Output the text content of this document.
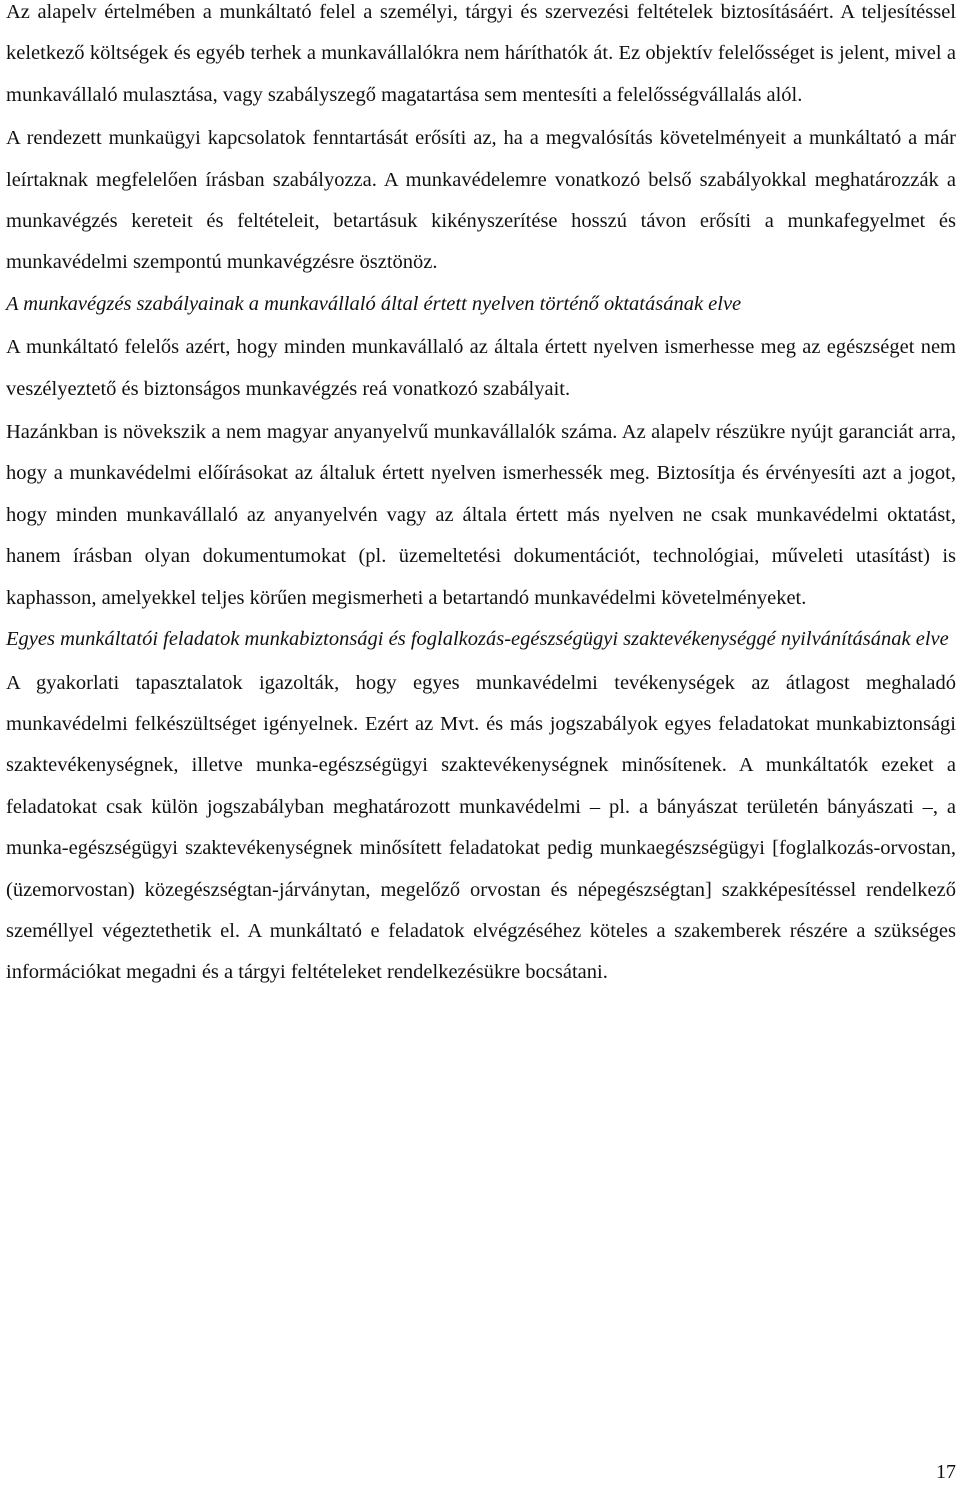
Az alapelv értelmében a munkáltató felel a személyi, tárgyi és szervezési feltételek biztosításáért. A teljesítéssel keletkező költségek és egyéb terhek a munkavállalókra nem háríthatók át. Ez objektív felelősséget is jelent, mivel a munkavállaló mulasztása, vagy szabályszegő magatartása sem mentesíti a felelősségvállalás alól.

A rendezett munkaügyi kapcsolatok fenntartását erősíti az, ha a megvalósítás követelményeit a munkáltató a már leírtaknak megfelelően írásban szabályozza. A munkavédelemre vonatkozó belső szabályokkal meghatározzák a munkavégzés kereteit és feltételeit, betartásuk kikényszerítése hosszú távon erősíti a munkafegyelmet és munkavédelmi szempontú munkavégzésre ösztönöz.

A munkavégzés szabályainak a munkavállaló által értett nyelven történő oktatásának elve

A munkáltató felelős azért, hogy minden munkavállaló az általa értett nyelven ismerhesse meg az egészséget nem veszélyeztető és biztonságos munkavégzés reá vonatkozó szabályait.

Hazánkban is növekszik a nem magyar anyanyelvű munkavállalók száma. Az alapelv részükre nyújt garanciát arra, hogy a munkavédelmi előírásokat az általuk értett nyelven ismerhessék meg. Biztosítja és érvényesíti azt a jogot, hogy minden munkavállaló az anyanyelvén vagy az általa értett más nyelven ne csak munkavédelmi oktatást, hanem írásban olyan dokumentumokat (pl. üzemeltetési dokumentációt, technológiai, műveleti utasítást) is kaphasson, amelyekkel teljes körűen megismerheti a betartandó munkavédelmi követelményeket.

Egyes munkáltatói feladatok munkabiztonsági és foglalkozás-egészségügyi szaktevékenységgé nyilvánításának elve

A gyakorlati tapasztalatok igazolták, hogy egyes munkavédelmi tevékenységek az átlagost meghaladó munkavédelmi felkészültséget igényelnek. Ezért az Mvt. és más jogszabályok egyes feladatokat munkabiztonsági szaktevékenységnek, illetve munka-egészségügyi szaktevékenységnek minősítenek. A munkáltatók ezeket a feladatokat csak külön jogszabályban meghatározott munkavédelmi – pl. a bányászat területén bányászati –, a munka-egészségügyi szaktevékenységnek minősített feladatokat pedig munkaegészségügyi [foglalkozás-orvostan, (üzemorvostan) közegészségtan-járványtan, megelőző orvostan és népegészségtan] szakképesítéssel rendelkező személlyel végeztethetik el. A munkáltató e feladatok elvégzéséhez köteles a szakemberek részére a szükséges információkat megadni és a tárgyi feltételeket rendelkezésükre bocsátani.

17
